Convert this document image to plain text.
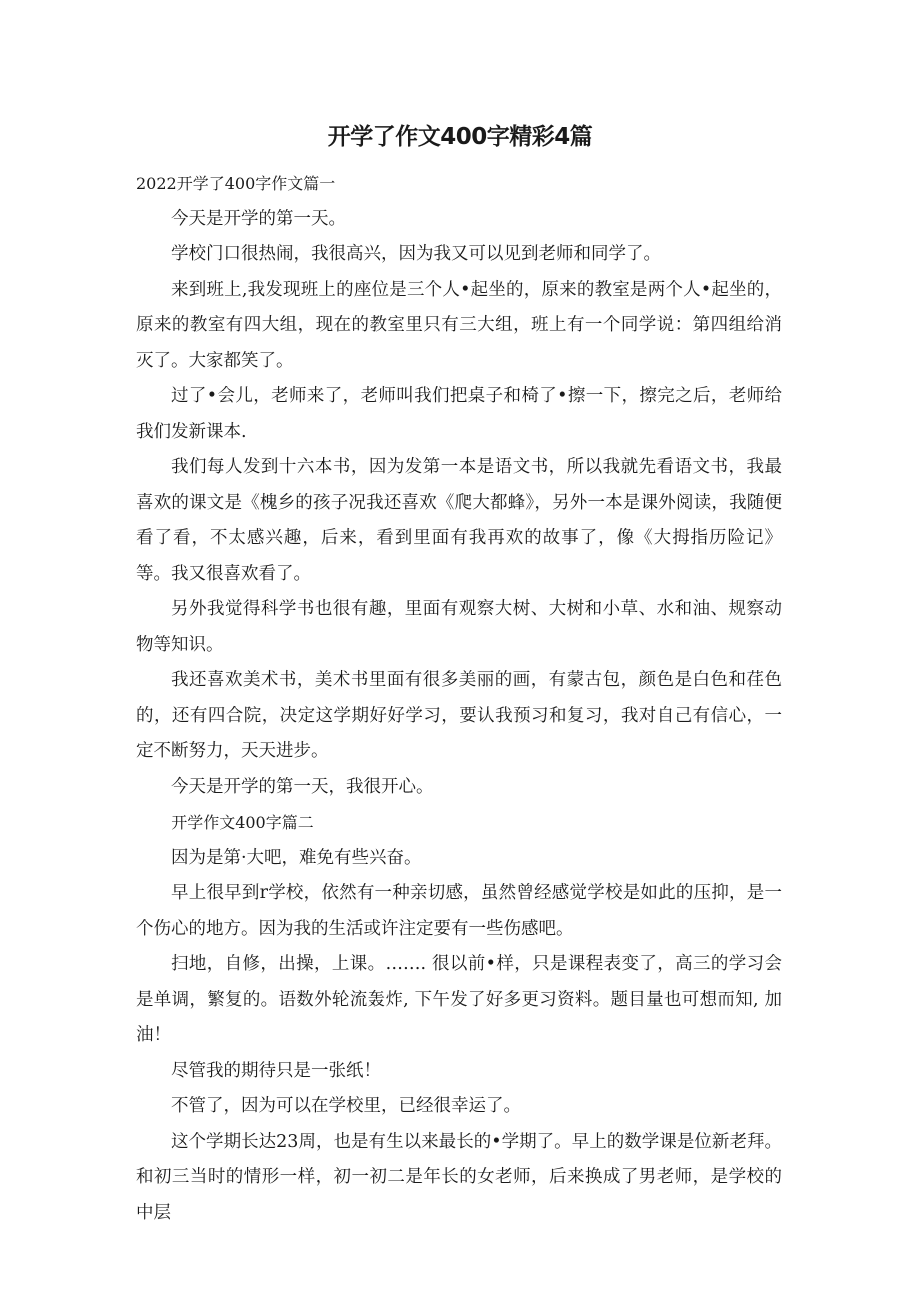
开学了作文400字精彩4篇

2022开学了400字作文篇一

今天是开学的第一天。

学校门口很热闹，我很高兴，因为我又可以见到老师和同学了。

来到班上,我发现班上的座位是三个人•起坐的，原来的教室是两个人•起坐的，原来的教室有四大组，现在的教室里只有三大组，班上有一个同学说：第四组给消灭了。大家都笑了。

过了•会儿，老师来了，老师叫我们把桌子和椅了•擦一下，擦完之后，老师给我们发新课本.

我们每人发到十六本书，因为发第一本是语文书，所以我就先看语文书，我最喜欢的课文是《槐乡的孩子况我还喜欢《爬大都蜂》，另外一本是课外阅读，我随便看了看，不太感兴趣，后来，看到里面有我再欢的故事了，像《大拇指历险记》等。我又很喜欢看了。

另外我觉得科学书也很有趣，里面有观察大树、大树和小草、水和油、规察动物等知识。

我还喜欢美术书，美术书里面有很多美丽的画，有蒙古包，颜色是白色和荏色的，还有四合院，决定这学期好好学习，要认我预习和复习，我对自己有信心，一定不断努力，天天进步。

今天是开学的第一天，我很开心。

开学作文400字篇二

因为是第·大吧，难免有些兴奋。

早上很早到r学校，依然有一种亲切感，虽然曾经感觉学校是如此的压抑，是一个伤心的地方。因为我的生活或许注定要有一些伤感吧。

扫地，自修，出操，上课。……. 很以前•样，只是课程表变了，高三的学习会是单调，繁复的。语数外轮流轰炸, 下午发了好多更习资料。题目量也可想而知, 加油！

尽管我的期待只是一张纸！

不管了，因为可以在学校里，已经很幸运了。

这个学期长达23周，也是有生以来最长的•学期了。早上的数学课是位新老拜。和初三当时的情形一样，初一初二是年长的女老师，后来换成了男老师，是学校的中层
